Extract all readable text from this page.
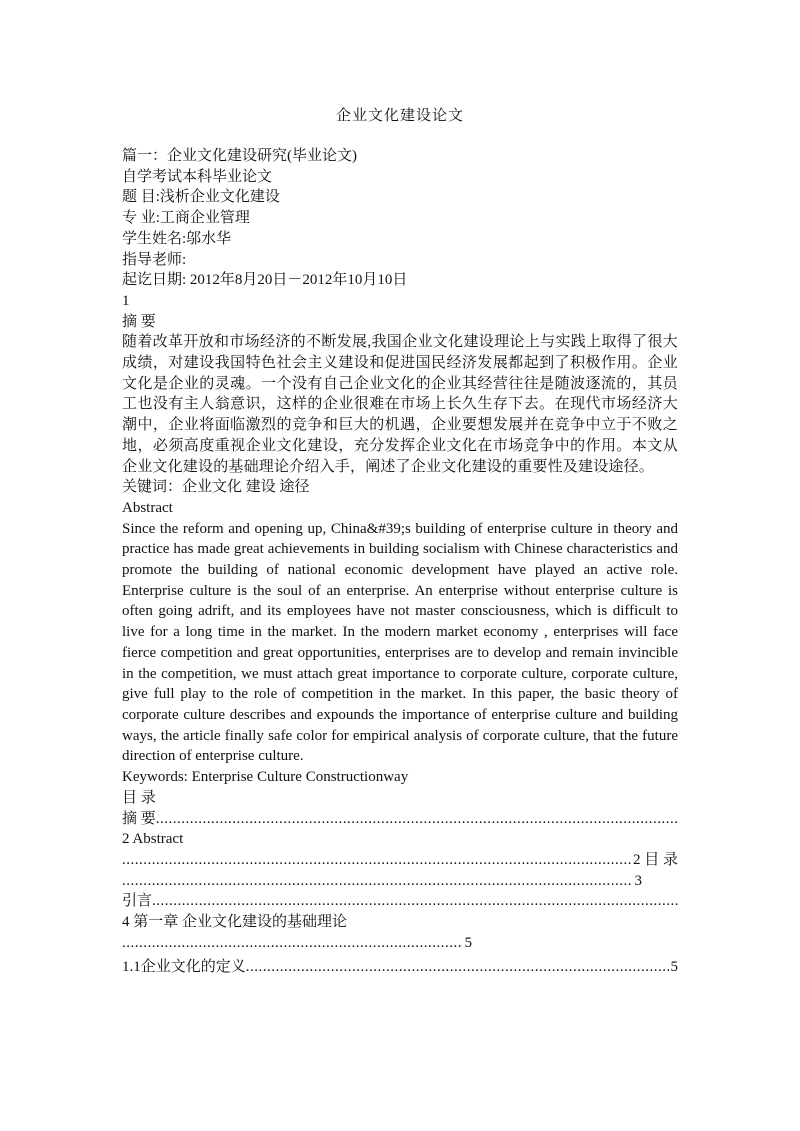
企业文化建设论文
篇一：企业文化建设研究(毕业论文)
自学考试本科毕业论文
题 目:浅析企业文化建设
专 业:工商企业管理
学生姓名:邬水华
指导老师:
起讫日期: 2012年8月20日－2012年10月10日
1
摘 要
随着改革开放和市场经济的不断发展,我国企业文化建设理论上与实践上取得了很大成绩，对建设我国特色社会主义建设和促进国民经济发展都起到了积极作用。企业文化是企业的灵魂。一个没有自己企业文化的企业其经营往往是随波逐流的，其员工也没有主人翁意识，这样的企业很难在市场上长久生存下去。在现代市场经济大潮中，企业将面临激烈的竞争和巨大的机遇，企业要想发展并在竞争中立于不败之地，必须高度重视企业文化建设，充分发挥企业文化在市场竞争中的作用。本文从企业文化建设的基础理论介绍入手，阐述了企业文化建设的重要性及建设途径。
关键词：企业文化 建设 途径
Abstract
Since the reform and opening up, China&#39;s building of enterprise culture in theory and practice has made great achievements in building socialism with Chinese characteristics and promote the building of national economic development have played an active role. Enterprise culture is the soul of an enterprise. An enterprise without enterprise culture is often going adrift, and its employees have not master consciousness, which is difficult to live for a long time in the market. In the modern market economy , enterprises will face fierce competition and great opportunities, enterprises are to develop and remain invincible in the competition, we must attach great importance to corporate culture, corporate culture, give full play to the role of competition in the market. In this paper, the basic theory of corporate culture describes and expounds the importance of enterprise culture and building ways, the article finally safe color for empirical analysis of corporate culture, that the future direction of enterprise culture.
Keywords: Enterprise Culture Constructionway
目 录
摘 要
.....
2 Abstract
.....
2 目 录
.....
3
引言
.....
4 第一章 企业文化建设的基础理论
.....
5
1.1企业文化的定义
.....	5
